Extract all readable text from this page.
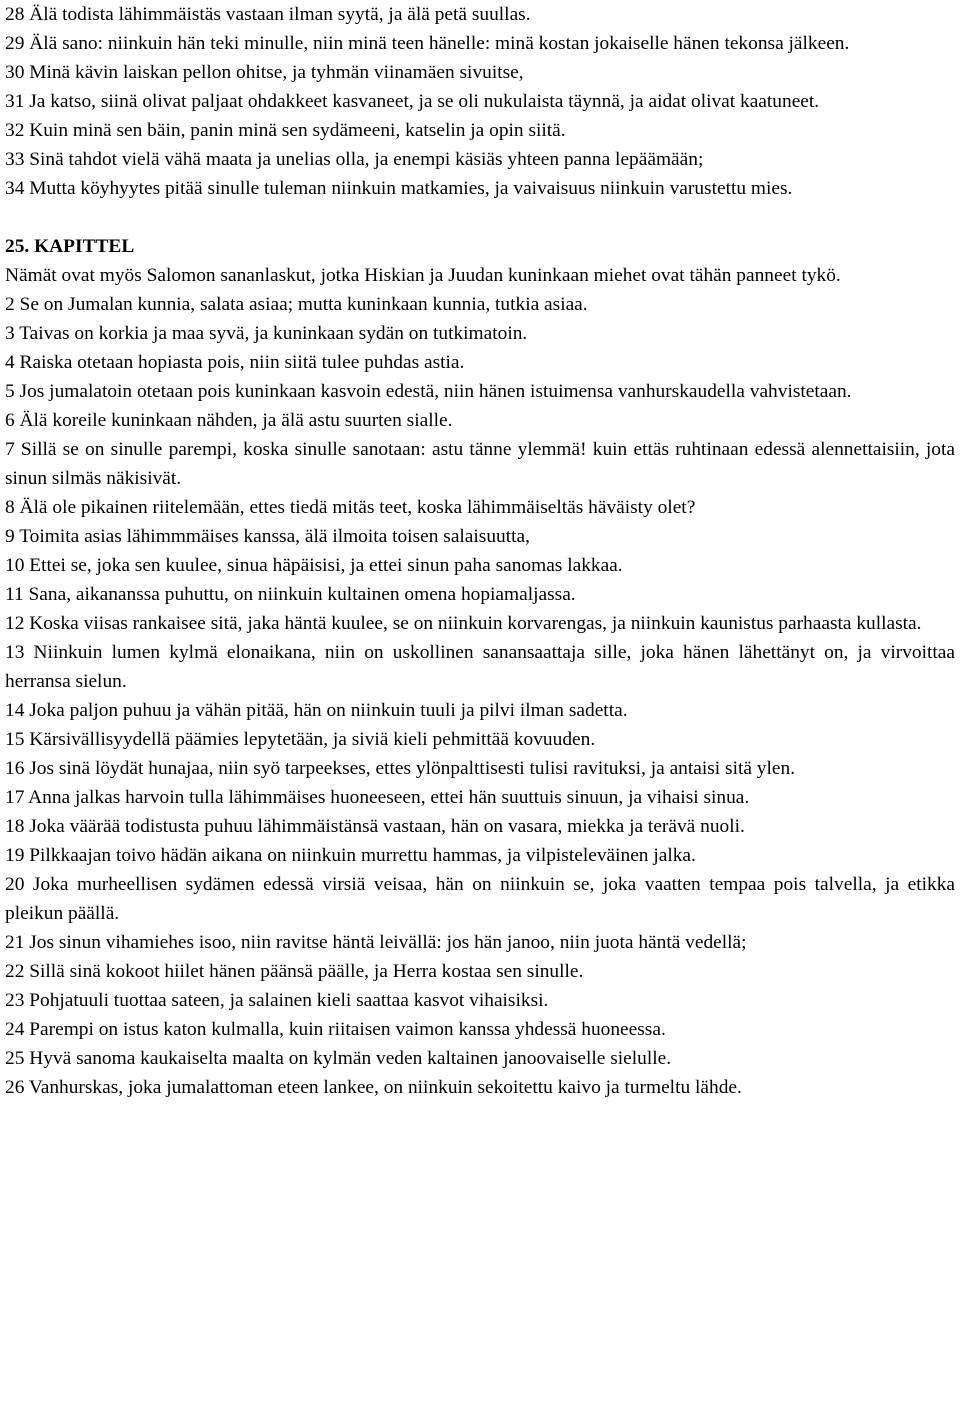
28 Älä todista lähimmäistäs vastaan ilman syytä, ja älä petä suullas.

29 Älä sano: niinkuin hän teki minulle, niin minä teen hänelle: minä kostan jokaiselle hänen tekonsa jälkeen.

30 Minä kävin laiskan pellon ohitse, ja tyhmän viinamäen sivuitse,

31 Ja katso, siinä olivat paljaat ohdakkeet kasvaneet, ja se oli nukulaista täynnä, ja aidat olivat kaatuneet.

32 Kuin minä sen bäin, panin minä sen sydämeeni, katselin ja opin siitä.

33 Sinä tahdot vielä vähä maata ja unelias olla, ja enempi käsiäs yhteen panna lepäämään;

34 Mutta köyhyytes pitää sinulle tuleman niinkuin matkamies, ja vaivaisuus niinkuin varustettu mies.

25. KAPITTEL

Nämät ovat myös Salomon sananlaskut, jotka Hiskian ja Juudan kuninkaan miehet ovat tähän panneet tykö.

2 Se on Jumalan kunnia, salata asiaa; mutta kuninkaan kunnia, tutkia asiaa.

3 Taivas on korkia ja maa syvä, ja kuninkaan sydän on tutkimatoin.

4 Raiska otetaan hopiasta pois, niin siitä tulee puhdas astia.

5 Jos jumalatoin otetaan pois kuninkaan kasvoin edestä, niin hänen istuimensa vanhurskaudella vahvistetaan.

6 Älä koreile kuninkaan nähden, ja älä astu suurten sialle.

7 Sillä se on sinulle parempi, koska sinulle sanotaan: astu tänne ylemmä! kuin ettäs ruhtinaan edessä alennettaisiin, jota sinun silmäs näkisivät.

8 Älä ole pikainen riitelemään, ettes tiedä mitäs teet, koska lähimmäiseltäs häväisty olet?

9 Toimita asias lähimmmäises kanssa, älä ilmoita toisen salaisuutta,

10 Ettei se, joka sen kuulee, sinua häpäisisi, ja ettei sinun paha sanomas lakkaa.

11 Sana, aikananssa puhuttu, on niinkuin kultainen omena hopiamaljassa.

12 Koska viisas rankaisee sitä, jaka häntä kuulee, se on niinkuin korvarengas, ja niinkuin kaunistus parhaasta kullasta.

13 Niinkuin lumen kylmä elonaikana, niin on uskollinen sanansaattaja sille, joka hänen lähettänyt on, ja virvoittaa herransa sielun.

14 Joka paljon puhuu ja vähän pitää, hän on niinkuin tuuli ja pilvi ilman sadetta.

15 Kärsivällisyydellä päämies lepytetään, ja siviä kieli pehmittää kovuuden.

16 Jos sinä löydät hunajaa, niin syö tarpeekses, ettes ylönpalttisesti tulisi ravituksi, ja antaisi sitä ylen.

17 Anna jalkas harvoin tulla lähimmäises huoneeseen, ettei hän suuttuis sinuun, ja vihaisi sinua.

18 Joka väärää todistusta puhuu lähimmäistänsä vastaan, hän on vasara, miekka ja terävä nuoli.

19 Pilkkaajan toivo hädän aikana on niinkuin murrettu hammas, ja vilpisteleväinen jalka.

20 Joka murheellisen sydämen edessä virsiä veisaa, hän on niinkuin se, joka vaatten tempaa pois talvella, ja etikka pleikun päällä.

21 Jos sinun vihamiehes isoo, niin ravitse häntä leivällä: jos hän janoo, niin juota häntä vedellä;

22 Sillä sinä kokoot hiilet hänen päänsä päälle, ja Herra kostaa sen sinulle.

23 Pohjatuuli tuottaa sateen, ja salainen kieli saattaa kasvot vihaisiksi.

24 Parempi on istus katon kulmalla, kuin riitaisen vaimon kanssa yhdessä huoneessa.

25 Hyvä sanoma kaukaiselta maalta on kylmän veden kaltainen janoovaiselle sielulle.

26 Vanhurskas, joka jumalattoman eteen lankee, on niinkuin sekoitettu kaivo ja turmeltu lähde.
